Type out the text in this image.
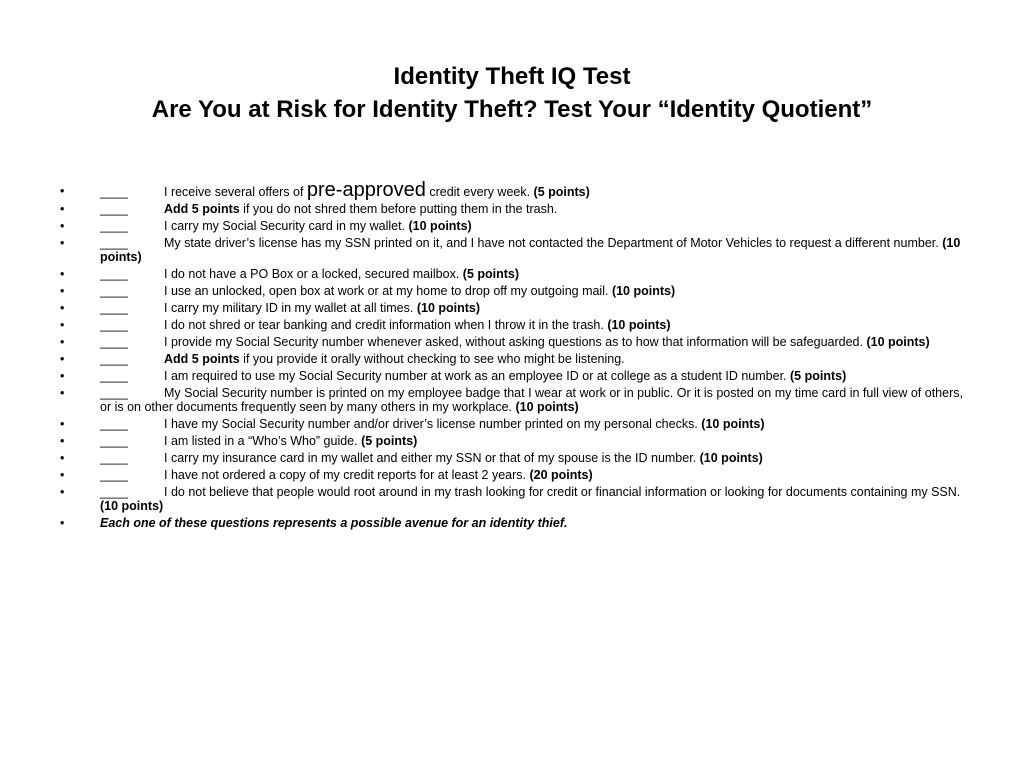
Identity Theft IQ Test
Are You at Risk for Identity Theft? Test Your “Identity Quotient”
•	____	I receive several offers of pre-approved credit every week. (5 points)
•	____	Add 5 points if you do not shred them before putting them in the trash.
•	____	I carry my Social Security card in my wallet. (10 points)
•	____	My state driver’s license has my SSN printed on it, and I have not contacted the Department of Motor Vehicles to request a different number. (10 points)
•	____	I do not have a PO Box or a locked, secured mailbox. (5 points)
•	____	I use an unlocked, open box at work or at my home to drop off my outgoing mail. (10 points)
•	____	I carry my military ID in my wallet at all times. (10 points)
•	____	I do not shred or tear banking and credit information when I throw it in the trash. (10 points)
•	____	I provide my Social Security number whenever asked, without asking questions as to how that information will be safeguarded. (10 points)
•	____	Add 5 points if you provide it orally without checking to see who might be listening.
•	____	I am required to use my Social Security number at work as an employee ID or at college as a student ID number. (5 points)
•	____	My Social Security number is printed on my employee badge that I wear at work or in public. Or it is posted on my time card in full view of others, or is on other documents frequently seen by many others in my workplace. (10 points)
•	____	I have my Social Security number and/or driver’s license number printed on my personal checks. (10 points)
•	____	I am listed in a “Who’s Who” guide. (5 points)
•	____	I carry my insurance card in my wallet and either my SSN or that of my spouse is the ID number. (10 points)
•	____	I have not ordered a copy of my credit reports for at least 2 years. (20 points)
•	____	I do not believe that people would root around in my trash looking for credit or financial information or looking for documents containing my SSN. (10 points)
•	Each one of these questions represents a possible avenue for an identity thief.
